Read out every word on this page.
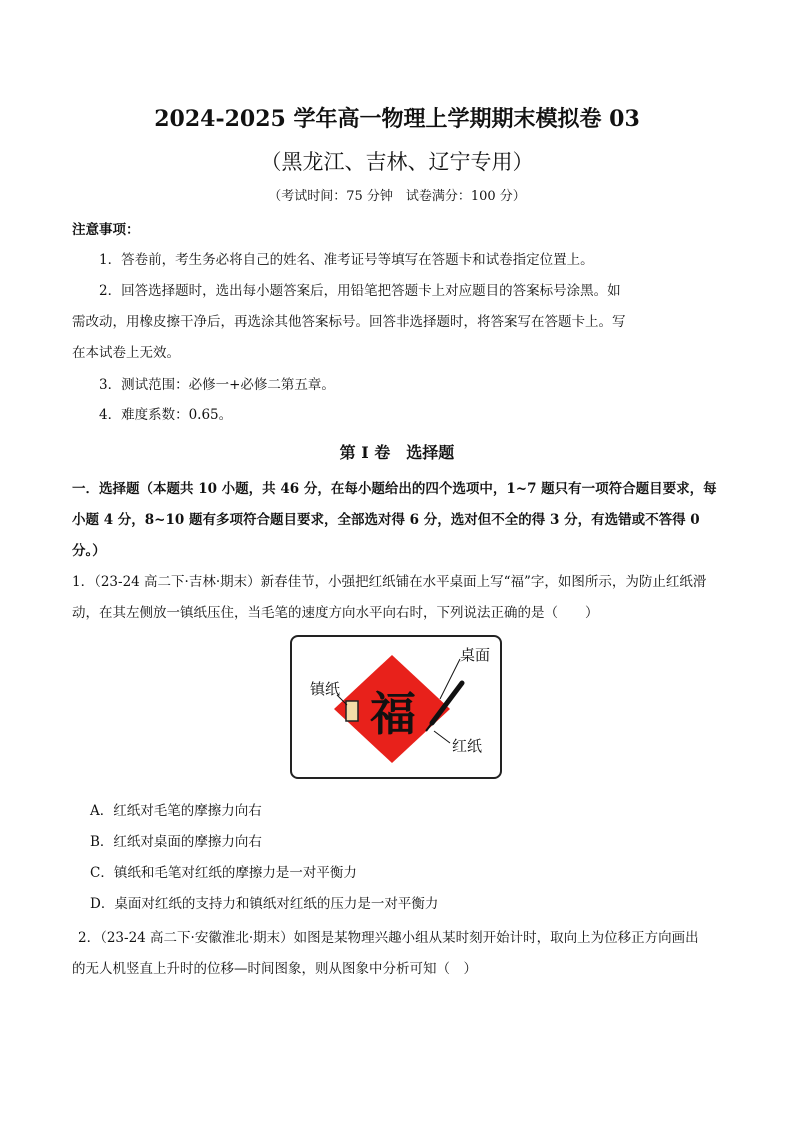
2024-2025 学年高一物理上学期期末模拟卷 03
（黑龙江、吉林、辽宁专用）
（考试时间：75 分钟　试卷满分：100 分）
注意事项：
1．答卷前，考生务必将自己的姓名、准考证号等填写在答题卡和试卷指定位置上。
2．回答选择题时，选出每小题答案后，用铅笔把答题卡上对应题目的答案标号涂黑。如
需改动，用橡皮擦干净后，再选涂其他答案标号。回答非选择题时，将答案写在答题卡上。写
在本试卷上无效。
3．测试范围：必修一+必修二第五章。
4．难度系数：0.65。
第 I 卷　选择题
一．选择题（本题共 10 小题，共 46 分，在每小题给出的四个选项中，1~7 题只有一项符合题目要求，每
小题 4 分，8~10 题有多项符合题目要求，全部选对得 6 分，选对但不全的得 3 分，有选错或不答得 0
分。）
1．（23-24 高二下·吉林·期末）新春佳节，小强把红纸铺在水平桌面上写“福”字，如图所示，为防止红纸滑
动，在其左侧放一镇纸压住，当毛笔的速度方向水平向右时，下列说法正确的是（　　）
福
桌面
镇纸
红纸
A．红纸对毛笔的摩擦力向右
B．红纸对桌面的摩擦力向右
C．镇纸和毛笔对红纸的摩擦力是一对平衡力
D．桌面对红纸的支持力和镇纸对红纸的压力是一对平衡力
2．（23-24 高二下·安徽淮北·期末）如图是某物理兴趣小组从某时刻开始计时，取向上为位移正方向画出
的无人机竖直上升时的位移—时间图象，则从图象中分析可知（　）
